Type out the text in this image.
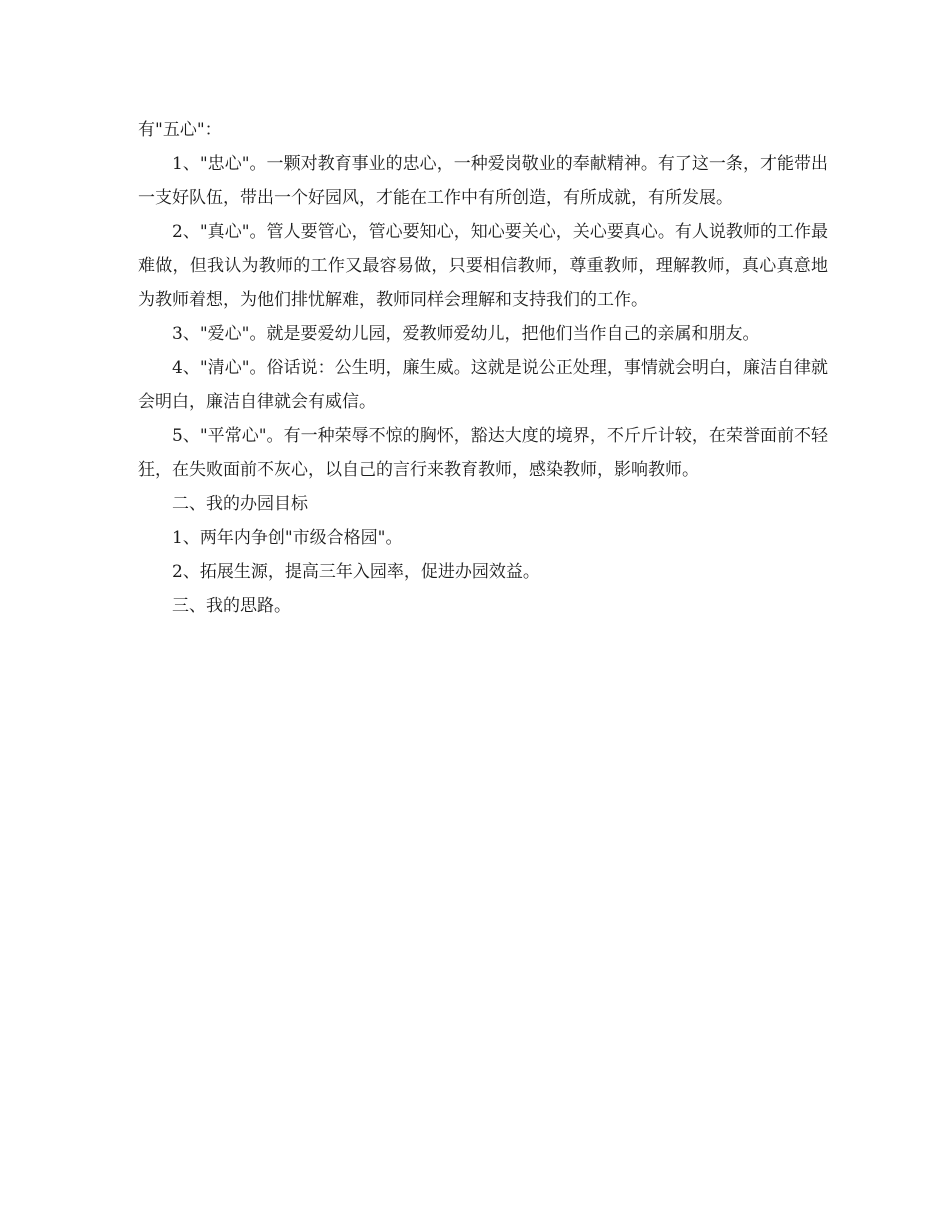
有"五心"：

1、"忠心"。一颗对教育事业的忠心，一种爱岗敬业的奉献精神。有了这一条，才能带出一支好队伍，带出一个好园风，才能在工作中有所创造，有所成就，有所发展。

2、"真心"。管人要管心，管心要知心，知心要关心，关心要真心。有人说教师的工作最难做，但我认为教师的工作又最容易做，只要相信教师，尊重教师，理解教师，真心真意地为教师着想，为他们排忧解难，教师同样会理解和支持我们的工作。

3、"爱心"。就是要爱幼儿园，爱教师爱幼儿，把他们当作自己的亲属和朋友。

4、"清心"。俗话说：公生明，廉生威。这就是说公正处理，事情就会明白，廉洁自律就会明白，廉洁自律就会有威信。

5、"平常心"。有一种荣辱不惊的胸怀，豁达大度的境界，不斤斤计较，在荣誉面前不轻狂，在失败面前不灰心，以自己的言行来教育教师，感染教师，影响教师。

二、我的办园目标

1、两年内争创"市级合格园"。

2、拓展生源，提高三年入园率，促进办园效益。

三、我的思路。
